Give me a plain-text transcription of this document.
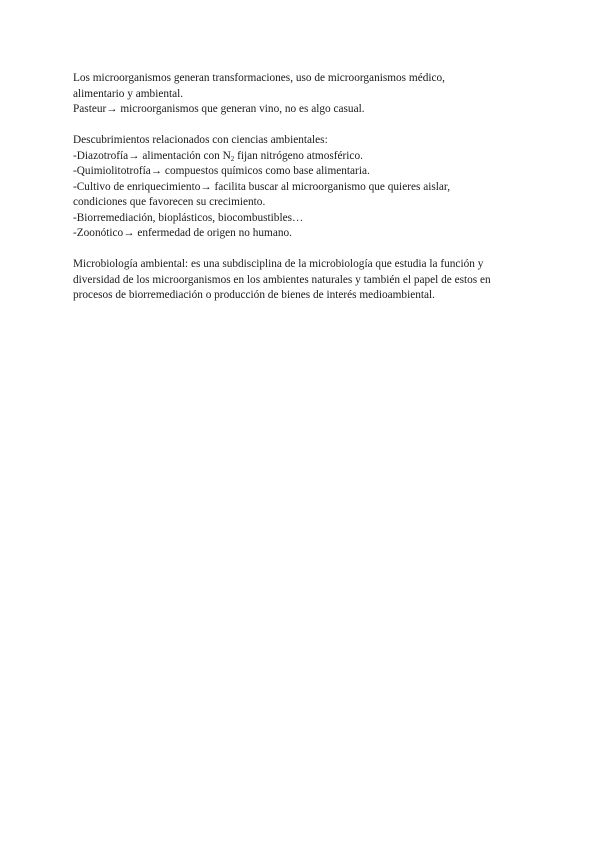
Los microorganismos generan transformaciones, uso de microorganismos médico,
alimentario y ambiental.
Pasteur→ microorganismos que generan vino, no es algo casual.

Descubrimientos relacionados con ciencias ambientales:
-Diazotrofía→ alimentación con $N_2$ fijan nitrógeno atmosférico.
-Quimiolitotrofía→ compuestos químicos como base alimentaria.
-Cultivo de enriquecimiento→ facilita buscar al microorganismo que quieres aislar,
condiciones que favorecen su crecimiento.
-Biorremediación, bioplásticos, biocombustibles…
-Zoonótico→ enfermedad de origen no humano.

Microbiología ambiental: es una subdisciplina de la microbiología que estudia la función y
diversidad de los microorganismos en los ambientes naturales y también el papel de estos en
procesos de biorremediación o producción de bienes de interés medioambiental.
